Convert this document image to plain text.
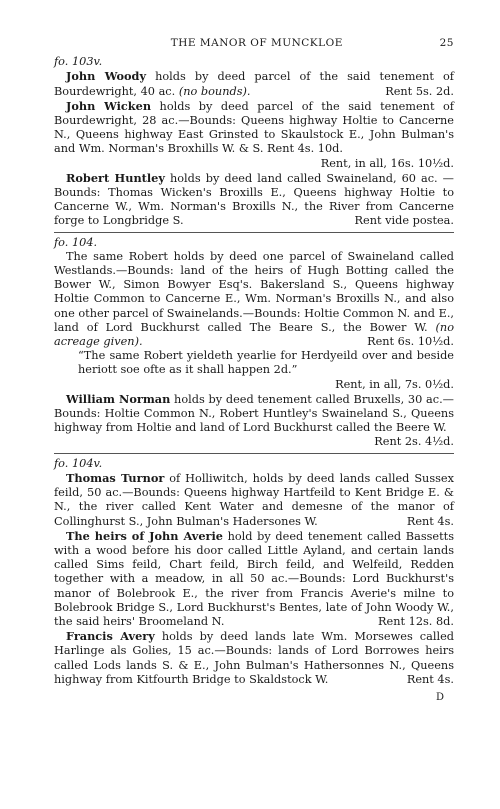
THE MANOR OF MUNCKLOE	25

fo. 103v.

John Woody holds by deed parcel of the said tenement of Bourdewright, 40 ac. (no bounds).	Rent 5s. 2d.

John Wicken holds by deed parcel of the said tenement of Bourdewright, 28 ac.—Bounds: Queens highway Holtie to Cancerne N., Queens highway East Grinsted to Skaulstock E., John Bulman's and Wm. Norman's Broxhills W. & S. Rent 4s. 10d.
Rent, in all, 16s. 10½d.

Robert Huntley holds by deed land called Swaineland, 60 ac. —Bounds: Thomas Wicken's Broxills E., Queens highway Holtie to Cancerne W., Wm. Norman's Broxills N., the River from Cancerne forge to Longbridge S.	Rent vide postea.

fo. 104.

The same Robert holds by deed one parcel of Swaineland called Westlands.—Bounds: land of the heirs of Hugh Botting called the Bower W., Simon Bowyer Esq's. Bakersland S., Queens highway Holtie Common to Cancerne E., Wm. Norman's Broxills N., and also one other parcel of Swainelands.—Bounds: Holtie Common N. and E., land of Lord Buckhurst called The Beare S., the Bower W. (no acreage given).	Rent 6s. 10½d.

“The same Robert yieldeth yearlie for Herdyeild over and beside heriott soe ofte as it shall happen 2d.”

Rent, in all, 7s. 0½d.

William Norman holds by deed tenement called Bruxells, 30 ac.—Bounds: Holtie Common N., Robert Huntley's Swaineland S., Queens highway from Holtie and land of Lord Buckhurst called the Beere W.
Rent 2s. 4½d.

fo. 104v.

Thomas Turnor of Holliwitch, holds by deed lands called Sussex feild, 50 ac.—Bounds: Queens highway Hartfeild to Kent Bridge E. & N., the river called Kent Water and demesne of the manor of Collinghurst S., John Bulman's Hadersones W.	Rent 4s.

The heirs of John Averie hold by deed tenement called Bassetts with a wood before his door called Little Ayland, and certain lands called Sims feild, Chart feild, Birch feild, and Welfeild, Redden together with a meadow, in all 50 ac.—Bounds: Lord Buckhurst's manor of Bolebrook E., the river from Francis Averie's milne to Bolebrook Bridge S., Lord Buckhurst's Bentes, late of John Woody W., the said heirs' Broomeland N.	Rent 12s. 8d.

Francis Avery holds by deed lands late Wm. Morsewes called Harlinge als Golies, 15 ac.—Bounds: lands of Lord Borrowes heirs called Lods lands S. & E., John Bulman's Hathersonnes N., Queens highway from Kitfourth Bridge to Skaldstock W.	Rent 4s.

D
